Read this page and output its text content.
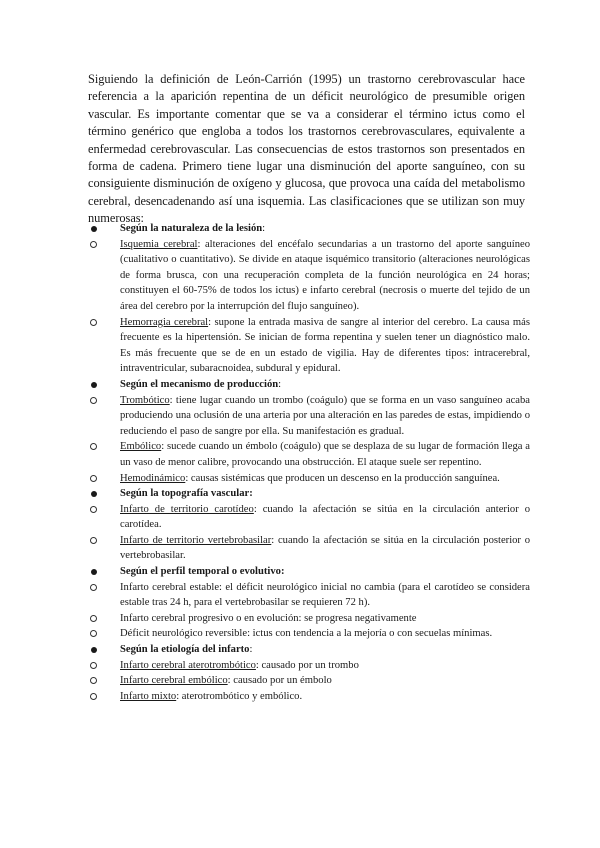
Siguiendo la definición de León-Carrión (1995) un trastorno cerebrovascular hace referencia a la aparición repentina de un déficit neurológico de presumible origen vascular. Es importante comentar que se va a considerar el término ictus como el término genérico que engloba a todos los trastornos cerebrovasculares, equivalente a enfermedad cerebrovascular. Las consecuencias de estos trastornos son presentados en forma de cadena. Primero tiene lugar una disminución del aporte sanguíneo, con su consiguiente disminución de oxígeno y glucosa, que provoca una caída del metabolismo cerebral, desencadenando así una isquemia. Las clasificaciones que se utilizan son muy numerosas:

Según la naturaleza de la lesión:
Isquemia cerebral: alteraciones del encéfalo secundarias a un trastorno del aporte sanguíneo (cualitativo o cuantitativo). Se divide en ataque isquémico transitorio (alteraciones neurológicas de forma brusca, con una recuperación completa de la función neurológica en 24 horas; constituyen el 60-75% de todos los ictus) e infarto cerebral (necrosis o muerte del tejido de un área del cerebro por la interrupción del flujo sanguíneo).
Hemorragia cerebral: supone la entrada masiva de sangre al interior del cerebro. La causa más frecuente es la hipertensión. Se inician de forma repentina y suelen tener un diagnóstico malo. Es más frecuente que se de en un estado de vigilia. Hay de diferentes tipos: intracerebral, intraventricular, subaracnoidea, subdural y epidural.
Según el mecanismo de producción:
Trombótico: tiene lugar cuando un trombo (coágulo) que se forma en un vaso sanguíneo acaba produciendo una oclusión de una arteria por una alteración en las paredes de estas, impidiendo o reduciendo el paso de sangre por ella. Su manifestación es gradual.
Embólico: sucede cuando un émbolo (coágulo) que se desplaza de su lugar de formación llega a un vaso de menor calibre, provocando una obstrucción. El ataque suele ser repentino.
Hemodinámico: causas sistémicas que producen un descenso en la producción sanguínea.
Según la topografía vascular:
Infarto de territorio carotídeo: cuando la afectación se sitúa en la circulación anterior o carotídea.
Infarto de territorio vertebrobasilar: cuando la afectación se sitúa en la circulación posterior o vertebrobasilar.
Según el perfil temporal o evolutivo:
Infarto cerebral estable: el déficit neurológico inicial no cambia (para el carotídeo se considera estable tras 24 h, para el vertebrobasilar se requieren 72 h).
Infarto cerebral progresivo o en evolución: se progresa negativamente
Déficit neurológico reversible: ictus con tendencia a la mejoría o con secuelas mínimas.
Según la etiología del infarto:
Infarto cerebral aterotrombótico: causado por un trombo
Infarto cerebral embólico: causado por un émbolo
Infarto mixto: aterotrombótico y embólico.
